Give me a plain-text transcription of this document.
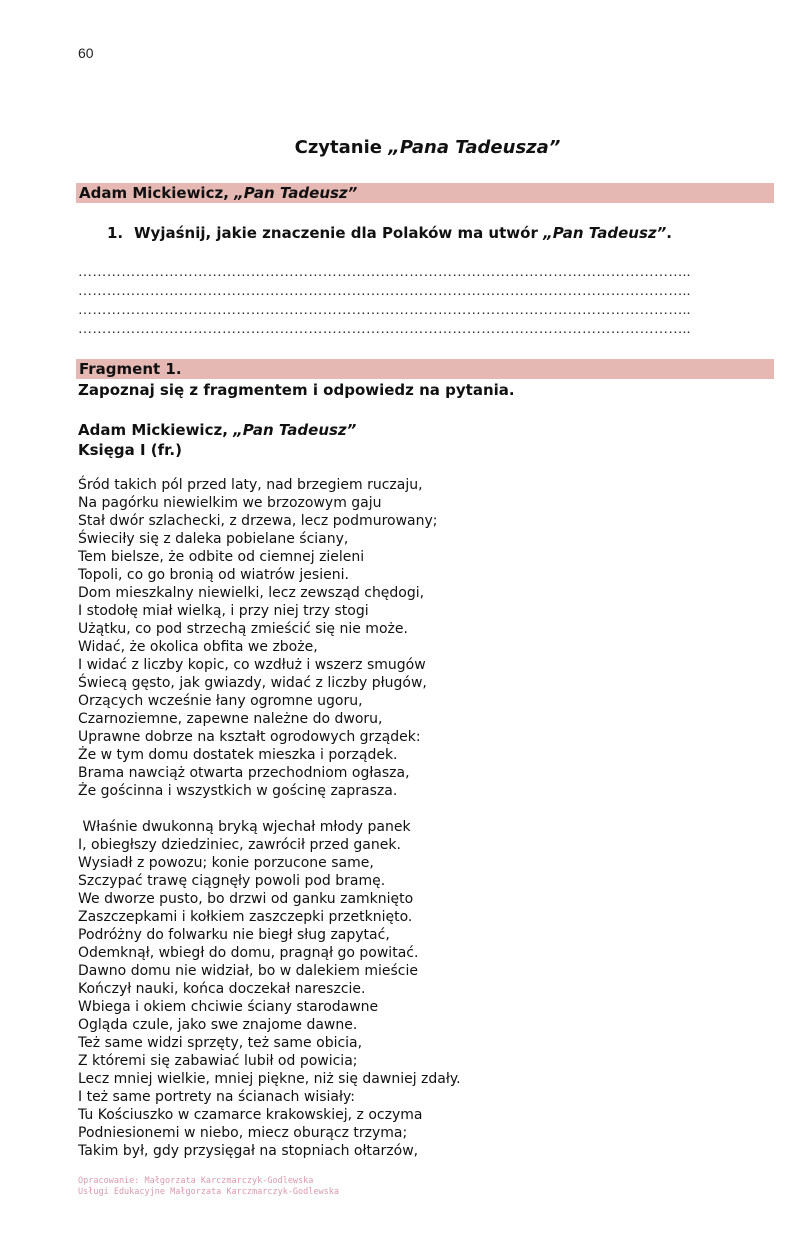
60
Czytanie „Pana Tadeusza”
Adam Mickiewicz, „Pan Tadeusz”
1. Wyjaśnij, jakie znaczenie dla Polaków ma utwór „Pan Tadeusz”.
………………………………………………………………………………………………………………..
………………………………………………………………………………………………………………..
………………………………………………………………………………………………………………..
………………………………………………………………………………………………………………..
Fragment 1.
Zapoznaj się z fragmentem i odpowiedz na pytania.
Adam Mickiewicz, „Pan Tadeusz”
Księga I (fr.)
Śród takich pól przed laty, nad brzegiem ruczaju,
Na pagórku niewielkim we brzozowym gaju
Stał dwór szlachecki, z drzewa, lecz podmurowany;
Świeciły się z daleka pobielane ściany,
Tem bielsze, że odbite od ciemnej zieleni
Topoli, co go bronią od wiatrów jesieni.
Dom mieszkalny niewielki, lecz zewsząd chędogi,
I stodołę miał wielką, i przy niej trzy stogi
Użątku, co pod strzechą zmieścić się nie może.
Widać, że okolica obfita we zboże,
I widać z liczby kopic, co wzdłuż i wszerz smugów
Świecą gęsto, jak gwiazdy, widać z liczby pługów,
Orzących wcześnie łany ogromne ugoru,
Czarnoziemne, zapewne należne do dworu,
Uprawne dobrze na kształt ogrodowych grządek:
Że w tym domu dostatek mieszka i porządek.
Brama nawciąż otwarta przechodniom ogłasza,
Że gościnna i wszystkich w gościnę zaprasza.
Właśnie dwukonną bryką wjechał młody panek
I, obiegłszy dziedziniec, zawrócił przed ganek.
Wysiadł z powozu; konie porzucone same,
Szczypać trawę ciągnęły powoli pod bramę.
We dworze pusto, bo drzwi od ganku zamknięto
Zaszczepkami i kołkiem zaszczepki przetknięto.
Podróżny do folwarku nie biegł sług zapytać,
Odemknął, wbiegł do domu, pragnął go powitać.
Dawno domu nie widział, bo w dalekiem mieście
Kończył nauki, końca doczekał nareszcie.
Wbiega i okiem chciwie ściany starodawne
Ogląda czule, jako swe znajome dawne.
Też same widzi sprzęty, też same obicia,
Z któremi się zabawiać lubił od powicia;
Lecz mniej wielkie, mniej piękne, niż się dawniej zdały.
I też same portrety na ścianach wisiały:
Tu Kościuszko w czamarce krakowskiej, z oczyma
Podniesionemi w niebo, miecz oburącz trzyma;
Takim był, gdy przysięgał na stopniach ołtarzów,
Opracowanie: Małgorzata Karczmarczyk-Godlewska
Usługi Edukacyjne Małgorzata Karczmarczyk-Godlewska
